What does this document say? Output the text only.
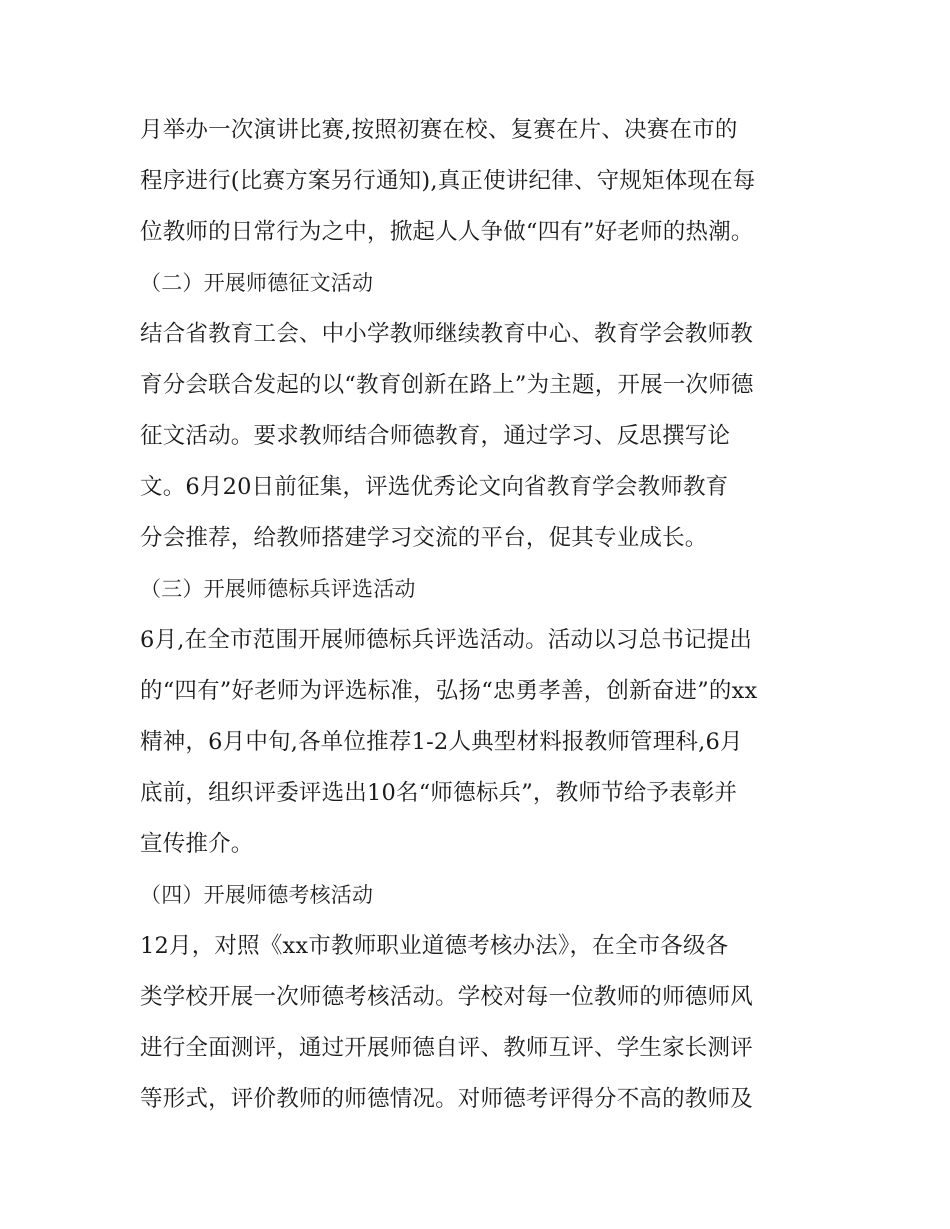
月举办一次演讲比赛,按照初赛在校、复赛在片、决赛在市的
程序进行(比赛方案另行通知),真正使讲纪律、守规矩体现在每
位教师的日常行为之中，掀起人人争做“四有”好老师的热潮。
（二）开展师德征文活动
结合省教育工会、中小学教师继续教育中心、教育学会教师教
育分会联合发起的以“教育创新在路上”为主题，开展一次师德
征文活动。要求教师结合师德教育，通过学习、反思撰写论
文。6月20日前征集，评选优秀论文向省教育学会教师教育
分会推荐，给教师搭建学习交流的平台，促其专业成长。
（三）开展师德标兵评选活动
6月,在全市范围开展师德标兵评选活动。活动以习总书记提出
的“四有”好老师为评选标准，弘扬“忠勇孝善，创新奋进”的xx
精神，6月中旬,各单位推荐1-2人典型材料报教师管理科,6月
底前，组织评委评选出10名“师德标兵”，教师节给予表彰并
宣传推介。
（四）开展师德考核活动
12月，对照《xx市教师职业道德考核办法》，在全市各级各
类学校开展一次师德考核活动。学校对每一位教师的师德师风
进行全面测评，通过开展师德自评、教师互评、学生家长测评
等形式，评价教师的师德情况。对师德考评得分不高的教师及
